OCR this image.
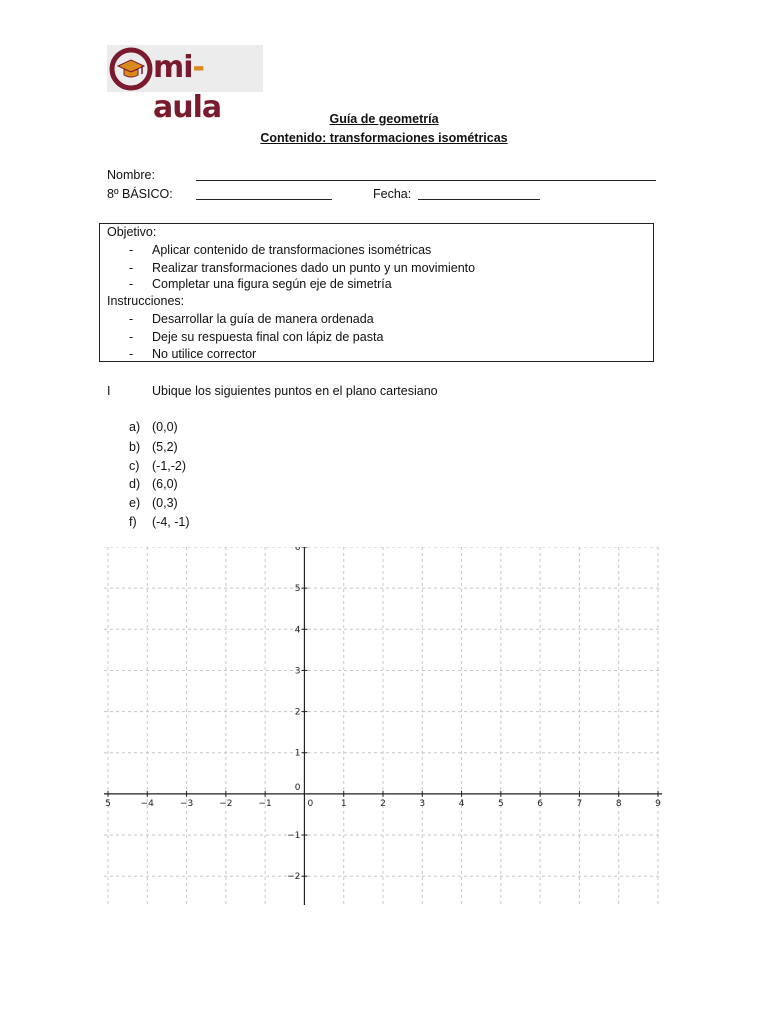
mi-aula	Guía de geometría
Contenido: transformaciones isométricas
Nombre:
8º BÁSICO:	Fecha:
Objetivo:
- Aplicar contenido de transformaciones isométricas
- Realizar transformaciones dado un punto y un movimiento
- Completar una figura según eje de simetría
Instrucciones:
- Desarrollar la guía de manera ordenada
- Deje su respuesta final con lápiz de pasta
- No utilice corrector
I	Ubique los siguientes puntos en el plano cartesiano
a) (0,0)
b) (5,2)
c) (-1,-2)
d) (6,0)
e) (0,3)
f) (-4, -1)
5	−4	−3	−2	−1	0	1	2	3	4	5	6	7	8	9
−2
−1
0
1
2
3
4
5
6
